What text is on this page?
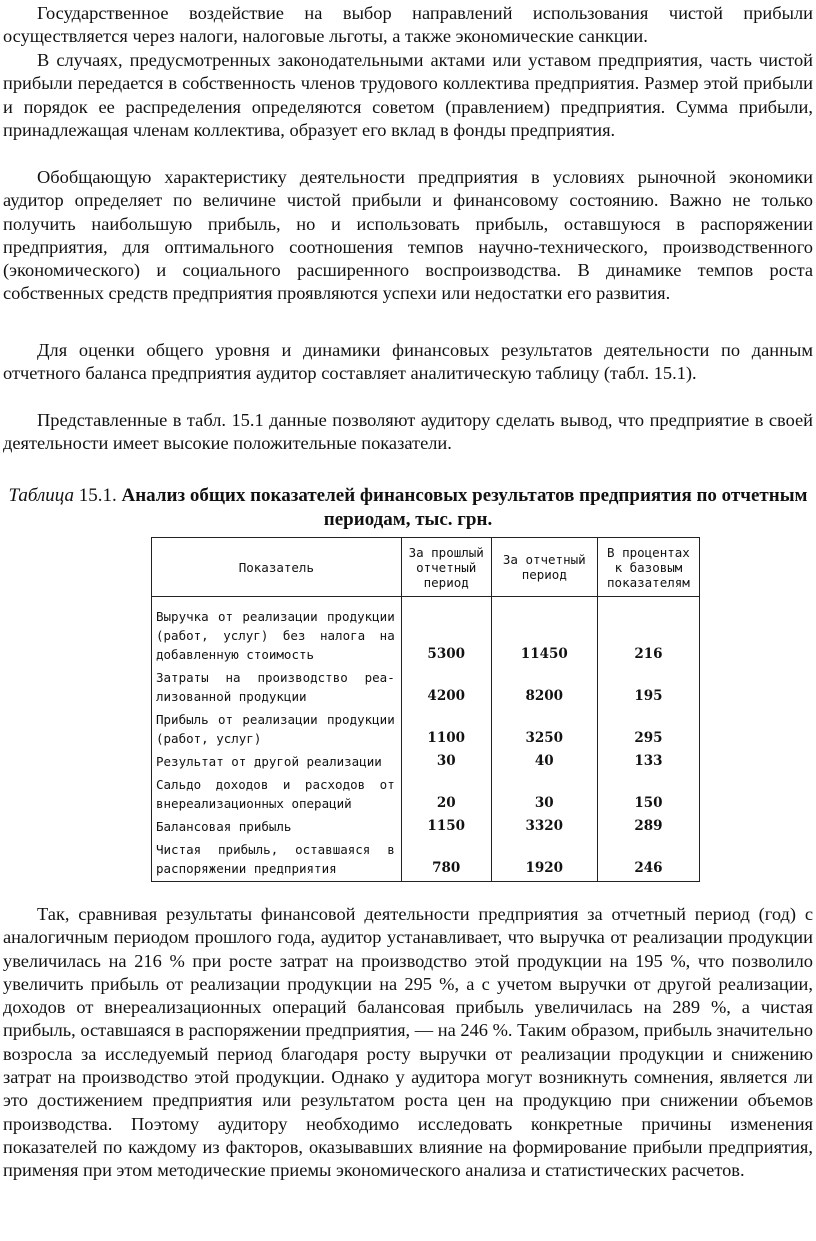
Государственное воздействие на выбор направлений использования чистой прибыли осуществляется через налоги, налоговые льготы, а также экономические санкции.

В случаях, предусмотренных законодательными актами или уставом предприятия, часть чистой прибыли передается в собственность членов трудового коллектива предприятия. Размер этой прибыли и порядок ее распределения определяются советом (правлением) предприятия. Сумма прибыли, принадлежащая членам коллектива, образует его вклад в фонды предприятия.

Обобщающую характеристику деятельности предприятия в условиях рыночной экономики аудитор определяет по величине чистой прибыли и финансовому состоянию. Важно не только получить наибольшую прибыль, но и использовать прибыль, оставшуюся в распоряжении предприятия, для оптимального соотношения темпов научно-технического, производственного (экономического) и социального расширенного воспроизводства. В динамике темпов роста собственных средств предприятия проявляются успехи или недостатки его развития.

Для оценки общего уровня и динамики финансовых результатов деятельности по данным отчетного баланса предприятия аудитор составляет аналитическую таблицу (табл. 15.1).

Представленные в табл. 15.1 данные позволяют аудитору сделать вывод, что предприятие в своей деятельности имеет высокие положительные показатели.

Таблица 15.1. Анализ общих показателей финансовых результатов предприятия по отчетным периодам, тыс. грн.
Показатель	За прошлый отчетный период	За отчетный период	В процентах к базовым показателям
Выручка от реализации продукции (работ, услуг) без налога на добавленную стоимость	5300	11450	216
Затраты на производство реализованной продукции	4200	8200	195
Прибыль от реализации продукции (работ, услуг)	1100	3250	295
Результат от другой реализации	30	40	133
Сальдо доходов и расходов от внереализационных операций	20	30	150
Балансовая прибыль	1150	3320	289
Чистая прибыль, оставшаяся в распоряжении предприятия	780	1920	246

Так, сравнивая результаты финансовой деятельности предприятия за отчетный период (год) с аналогичным периодом прошлого года, аудитор устанавливает, что выручка от реализации продукции увеличилась на 216 % при росте затрат на производство этой продукции на 195 %, что позволило увеличить прибыль от реализации продукции на 295 %, а с учетом выручки от другой реализации, доходов от внереализационных операций балансовая прибыль увеличилась на 289 %, а чистая прибыль, оставшаяся в распоряжении предприятия, — на 246 %. Таким образом, прибыль значительно возросла за исследуемый период благодаря росту выручки от реализации продукции и снижению затрат на производство этой продукции. Однако у аудитора могут возникнуть сомнения, является ли это достижением предприятия или результатом роста цен на продукцию при снижении объемов производства. Поэтому аудитору необходимо исследовать конкретные причины изменения показателей по каждому из факторов, оказывавших влияние на формирование прибыли предприятия, применяя при этом методические приемы экономического анализа и статистических расчетов.
